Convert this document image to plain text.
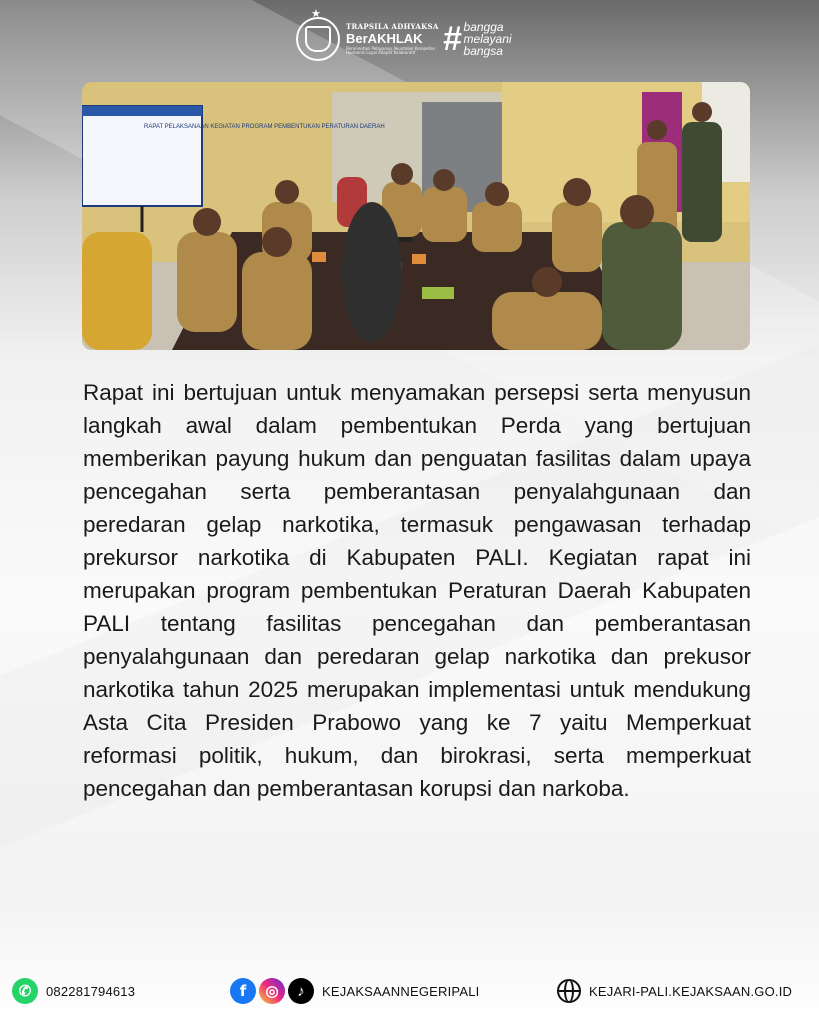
★
TRAPSILA ADHYAKSA
BerAKHLAK
Berorientasi Pelayanan Akuntabel Kompeten Harmonis Loyal Adaptif Kolaboratif # bangga
melayani
bangsa
RAPAT PELAKSANAAN KEGIATAN PROGRAM PEMBENTUKAN PERATURAN DAERAH
Rapat ini bertujuan untuk menyamakan persepsi serta menyusun langkah awal dalam pembentukan Perda yang bertujuan memberikan payung hukum dan penguatan fasilitas dalam upaya pencegahan serta pemberantasan penyalahgunaan dan peredaran gelap narkotika, termasuk pengawasan terhadap prekursor narkotika di Kabupaten PALI. Kegiatan rapat ini merupakan program pembentukan Peraturan Daerah Kabupaten PALI tentang fasilitas pencegahan dan pemberantasan penyalahgunaan dan peredaran gelap narkotika dan prekusor narkotika tahun 2025 merupakan implementasi untuk mendukung Asta Cita Presiden Prabowo yang ke 7 yaitu Memperkuat reformasi politik, hukum, dan birokrasi, serta memperkuat pencegahan dan pemberantasan korupsi dan narkoba.
✆	082281794613	f	◎	♪	KEJAKSAANNEGERIPALI	KEJARI-PALI.KEJAKSAAN.GO.ID
